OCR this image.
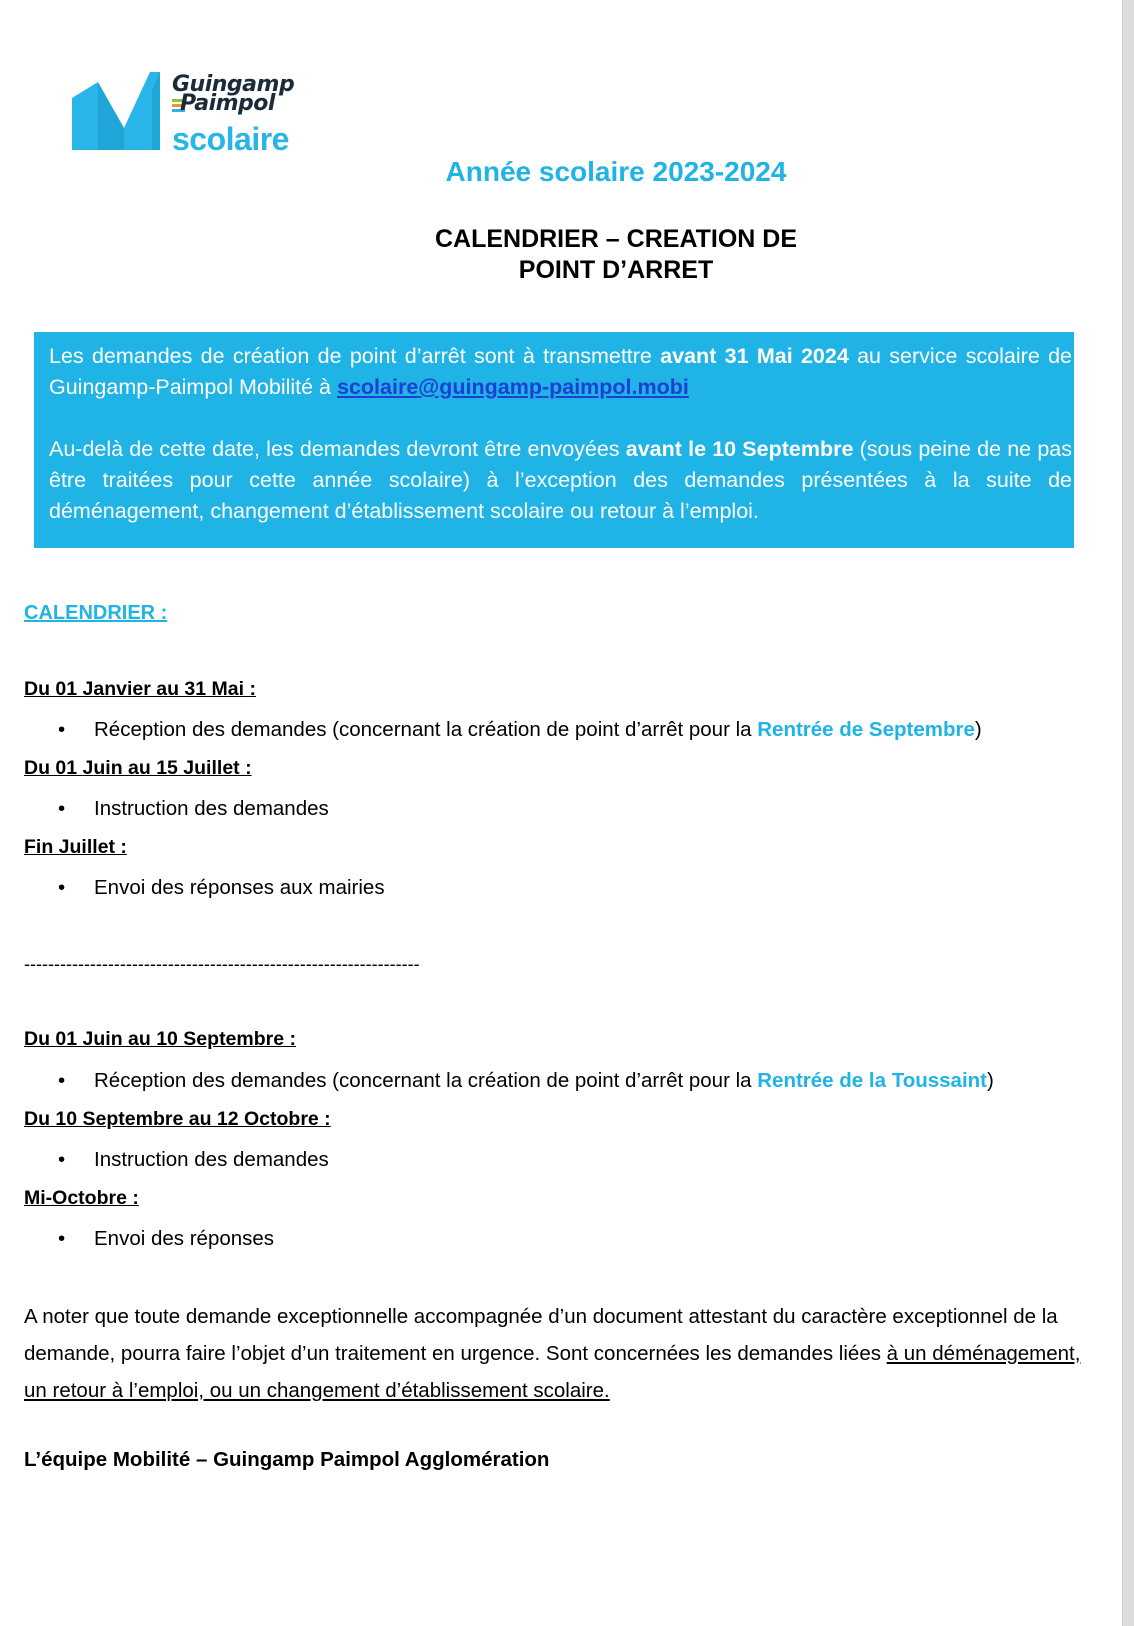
Guingamp
Paimpol
scolaire
Année scolaire 2023-2024
CALENDRIER – CREATION DE
POINT D’ARRET

Les demandes de création de point d’arrêt sont à transmettre avant 31 Mai 2024 au service scolaire de Guingamp-Paimpol Mobilité à scolaire@guingamp-paimpol.mobi

Au-delà de cette date, les demandes devront être envoyées avant le 10 Septembre (sous peine de ne pas être traitées pour cette année scolaire) à l’exception des demandes présentées à la suite de déménagement, changement d’établissement scolaire ou retour à l’emploi.

CALENDRIER :
Du 01 Janvier au 31 Mai :
• Réception des demandes (concernant la création de point d’arrêt pour la Rentrée de Septembre)
Du 01 Juin au 15 Juillet :
• Instruction des demandes
Fin Juillet :
• Envoi des réponses aux mairies
------------------------------------------------------------------
Du 01 Juin au 10 Septembre :
• Réception des demandes (concernant la création de point d’arrêt pour la Rentrée de la Toussaint)
Du 10 Septembre au 12 Octobre :
• Instruction des demandes
Mi-Octobre :
• Envoi des réponses
A noter que toute demande exceptionnelle accompagnée d’un document attestant du caractère exceptionnel de la demande, pourra faire l’objet d’un traitement en urgence. Sont concernées les demandes liées à un déménagement, un retour à l’emploi, ou un changement d’établissement scolaire.
L’équipe Mobilité – Guingamp Paimpol Agglomération
